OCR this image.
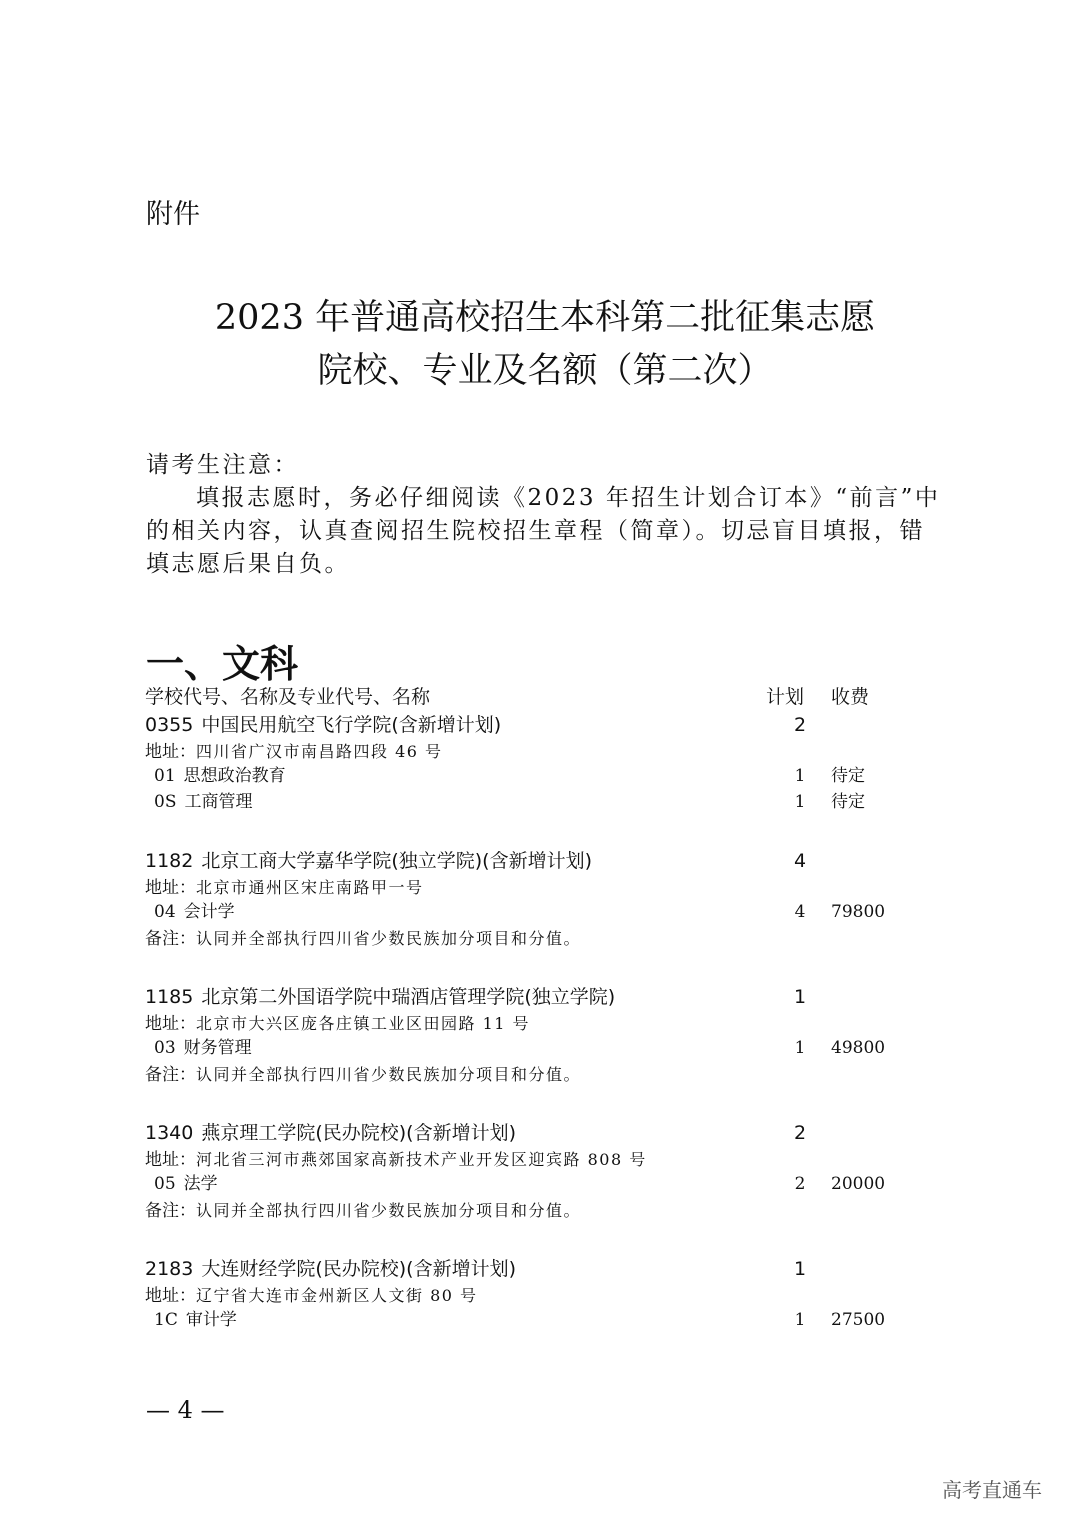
附件
2023 年普通高校招生本科第二批征集志愿
院校、专业及名额（第二次）
请考生注意：
填报志愿时，务必仔细阅读《2023 年招生计划合订本》“前言”中的相关内容，认真查阅招生院校招生章程（简章）。切忌盲目填报，错填志愿后果自负。
一、文科
学校代号、名称及专业代号、名称	计划 收费
0355 中国民用航空飞行学院(含新增计划)	2
地址：四川省广汉市南昌路四段 46 号
01 思想政治教育	1	待定
0S 工商管理	1	待定
1182 北京工商大学嘉华学院(独立学院)(含新增计划)	4
地址：北京市通州区宋庄南路甲一号
04 会计学	4	79800
备注：认同并全部执行四川省少数民族加分项目和分值。
1185 北京第二外国语学院中瑞酒店管理学院(独立学院)	1
地址：北京市大兴区庞各庄镇工业区田园路 11 号
03 财务管理	1	49800
备注：认同并全部执行四川省少数民族加分项目和分值。
1340 燕京理工学院(民办院校)(含新增计划)	2
地址：河北省三河市燕郊国家高新技术产业开发区迎宾路 808 号
05 法学	2	20000
备注：认同并全部执行四川省少数民族加分项目和分值。
2183 大连财经学院(民办院校)(含新增计划)	1
地址：辽宁省大连市金州新区人文街 80 号
1C 审计学	1	27500
— 4 —
高考直通车
